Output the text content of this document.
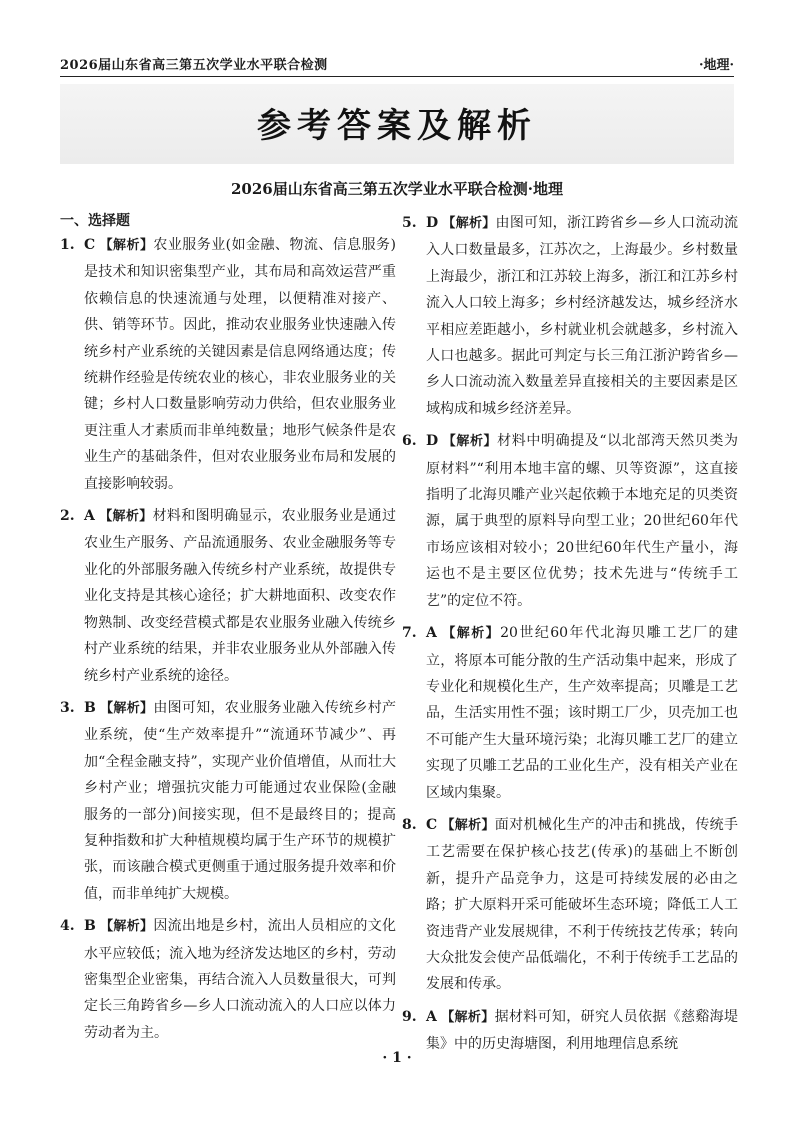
2026届山东省高三第五次学业水平联合检测	·地理·
参考答案及解析
2026届山东省高三第五次学业水平联合检测·地理
一、选择题
1. C 【解析】农业服务业(如金融、物流、信息服务)是技术和知识密集型产业，其布局和高效运营严重依赖信息的快速流通与处理，以便精准对接产、供、销等环节。因此，推动农业服务业快速融入传统乡村产业系统的关键因素是信息网络通达度；传统耕作经验是传统农业的核心，非农业服务业的关键；乡村人口数量影响劳动力供给，但农业服务业更注重人才素质而非单纯数量；地形气候条件是农业生产的基础条件，但对农业服务业布局和发展的直接影响较弱。
2. A 【解析】材料和图明确显示，农业服务业是通过农业生产服务、产品流通服务、农业金融服务等专业化的外部服务融入传统乡村产业系统，故提供专业化支持是其核心途径；扩大耕地面积、改变农作物熟制、改变经营模式都是农业服务业融入传统乡村产业系统的结果，并非农业服务业从外部融入传统乡村产业系统的途径。
3. B 【解析】由图可知，农业服务业融入传统乡村产业系统，使“生产效率提升”“流通环节减少”、再加“全程金融支持”，实现产业价值增值，从而壮大乡村产业；增强抗灾能力可能通过农业保险(金融服务的一部分)间接实现，但不是最终目的；提高复种指数和扩大种植规模均属于生产环节的规模扩张，而该融合模式更侧重于通过服务提升效率和价值，而非单纯扩大规模。
4. B 【解析】因流出地是乡村，流出人员相应的文化水平应较低；流入地为经济发达地区的乡村，劳动密集型企业密集，再结合流入人员数量很大，可判定长三角跨省乡—乡人口流动流入的人口应以体力劳动者为主。
5. D 【解析】由图可知，浙江跨省乡—乡人口流动流入人口数量最多，江苏次之，上海最少。乡村数量上海最少，浙江和江苏较上海多，浙江和江苏乡村流入人口较上海多；乡村经济越发达，城乡经济水平相应差距越小，乡村就业机会就越多，乡村流入人口也越多。据此可判定与长三角江浙沪跨省乡—乡人口流动流入数量差异直接相关的主要因素是区域构成和城乡经济差异。
6. D 【解析】材料中明确提及“以北部湾天然贝类为原材料”“利用本地丰富的螺、贝等资源”，这直接指明了北海贝雕产业兴起依赖于本地充足的贝类资源，属于典型的原料导向型工业；20世纪60年代市场应该相对较小；20世纪60年代生产量小，海运也不是主要区位优势；技术先进与“传统手工艺”的定位不符。
7. A 【解析】20世纪60年代北海贝雕工艺厂的建立，将原本可能分散的生产活动集中起来，形成了专业化和规模化生产，生产效率提高；贝雕是工艺品，生活实用性不强；该时期工厂少，贝壳加工也不可能产生大量环境污染；北海贝雕工艺厂的建立实现了贝雕工艺品的工业化生产，没有相关产业在区域内集聚。
8. C 【解析】面对机械化生产的冲击和挑战，传统手工艺需要在保护核心技艺(传承)的基础上不断创新，提升产品竞争力，这是可持续发展的必由之路；扩大原料开采可能破坏生态环境；降低工人工资违背产业发展规律，不利于传统技艺传承；转向大众批发会使产品低端化，不利于传统手工艺品的发展和传承。
9. A 【解析】据材料可知，研究人员依据《慈谿海堤集》中的历史海塘图，利用地理信息系统
· 1 ·
